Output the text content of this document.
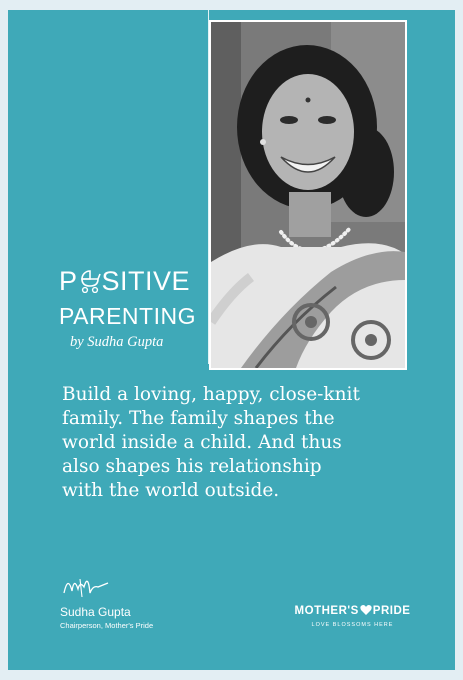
P SITIVE
PARENTING
by Sudha Gupta
Build a loving, happy, close-knit
family. The family shapes the
world inside a child. And thus
also shapes his relationship
with the world outside.
Sudha Gupta
Chairperson, Mother's Pride
MOTHER'S PRIDE
LOVE BLOSSOMS HERE
